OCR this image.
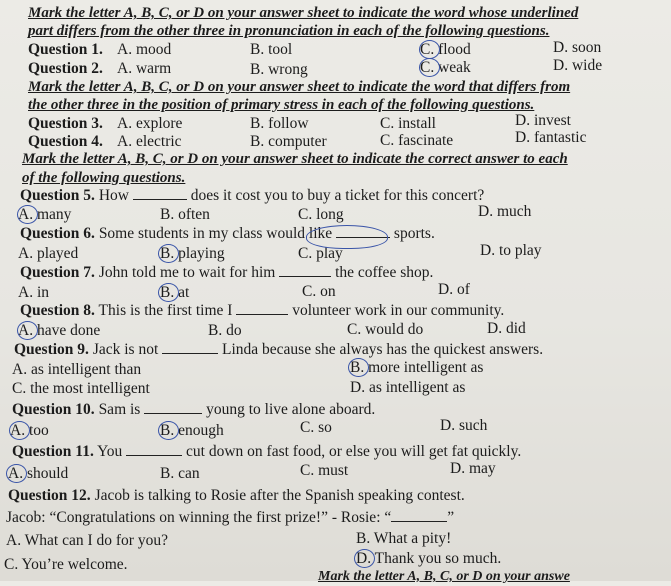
Mark the letter A, B, C, or D on your answer sheet to indicate the word whose underlined
part differs from the other three in pronunciation in each of the following questions.
Question 1. A. mood	B. tool	C. flood	D. soon
Question 2. A. warm	B. wrong	C. weak	D. wide
Mark the letter A, B, C, or D on your answer sheet to indicate the word that differs from
the other three in the position of primary stress in each of the following questions.
Question 3. A. explore	B. follow	C. install	D. invest
Question 4. A. electric	B. computer	C. fascinate	D. fantastic
Mark the letter A, B, C, or D on your answer sheet to indicate the correct answer to each
of the following questions.
Question 5. How	does it cost you to buy a ticket for this concert?
A. many	B. often	C. long	D. much
Question 6. Some students in my class would like	sports.
A. played	B. playing	C. play	D. to play
Question 7. John told me to wait for him	the coffee shop.
A. in	B. at	C. on	D. of
Question 8. This is the first time I	volunteer work in our community.
A. have done	B. do	C. would do	D. did
Question 9. Jack is not	Linda because she always has the quickest answers.
A. as intelligent than	B. more intelligent as
C. the most intelligent	D. as intelligent as
Question 10. Sam is	young to live alone aboard.
A. too	B. enough	C. so	D. such
Question 11. You	cut down on fast food, or else you will get fat quickly.
A. should	B. can	C. must	D. may
Question 12. Jacob is talking to Rosie after the Spanish speaking contest.
Jacob: “Congratulations on winning the first prize!” - Rosie: “	”
A. What can I do for you?	B. What a pity!
C. You’re welcome.	D. Thank you so much.
Mark the letter A, B, C, or D on your answe
